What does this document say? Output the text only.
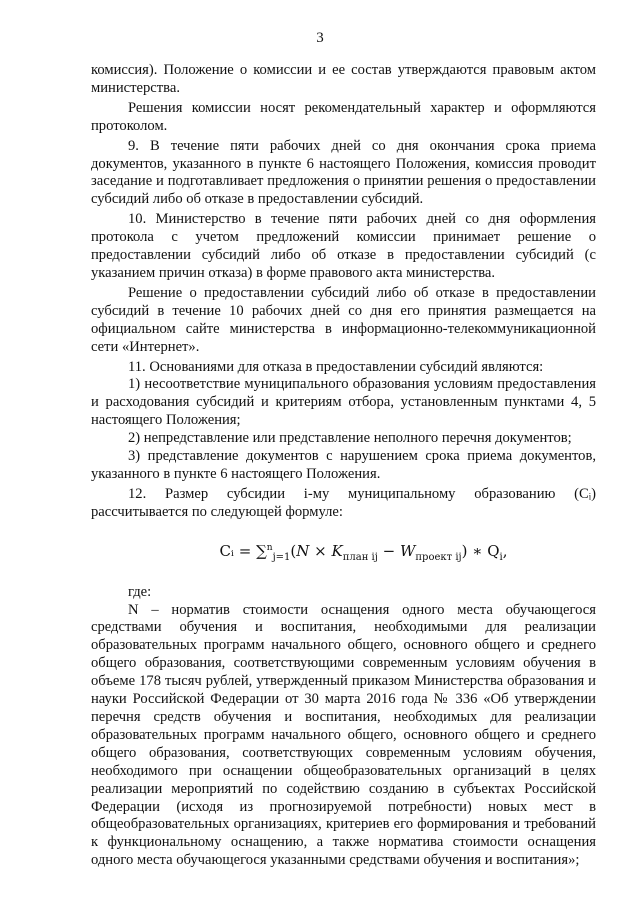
3

комиссия). Положение о комиссии и ее состав утверждаются правовым актом министерства.

Решения комиссии носят рекомендательный характер и оформляются протоколом.

9. В течение пяти рабочих дней со дня окончания срока приема документов, указанного в пункте 6 настоящего Положения, комиссия проводит заседание и подготавливает предложения о принятии решения о предоставлении субсидий либо об отказе в предоставлении субсидий.

10. Министерство в течение пяти рабочих дней со дня оформления протокола с учетом предложений комиссии принимает решение о предоставлении субсидий либо об отказе в предоставлении субсидий (с указанием причин отказа) в форме правового акта министерства.

Решение о предоставлении субсидий либо об отказе в предоставлении субсидий в течение 10 рабочих дней со дня его принятия размещается на официальном сайте министерства в информационно-телекоммуникационной сети «Интернет».

11. Основаниями для отказа в предоставлении субсидий являются:

1) несоответствие муниципального образования условиям предоставления и расходования субсидий и критериям отбора, установленным пунктами 4, 5 настоящего Положения;

2) непредставление или представление неполного перечня документов;

3) представление документов с нарушением срока приема документов, указанного в пункте 6 настоящего Положения.

12. Размер субсидии i-му муниципальному образованию (Cᵢ) рассчитывается по следующей формуле:

Cᵢ = $\sum^n_{j=1}(N \times K_{план ij} - W_{проект ij})$ ∗ $Q_i$,

где:

N – норматив стоимости оснащения одного места обучающегося средствами обучения и воспитания, необходимыми для реализации образовательных программ начального общего, основного общего и среднего общего образования, соответствующими современным условиям обучения в объеме 178 тысяч рублей, утвержденный приказом Министерства образования и науки Российской Федерации от 30 марта 2016 года № 336 «Об утверждении перечня средств обучения и воспитания, необходимых для реализации образовательных программ начального общего, основного общего и среднего общего образования, соответствующих современным условиям обучения, необходимого при оснащении общеобразовательных организаций в целях реализации мероприятий по содействию созданию в субъектах Российской Федерации (исходя из прогнозируемой потребности) новых мест в общеобразовательных организациях, критериев его формирования и требований к функциональному оснащению, а также норматива стоимости оснащения одного места обучающегося указанными средствами обучения и воспитания»;
